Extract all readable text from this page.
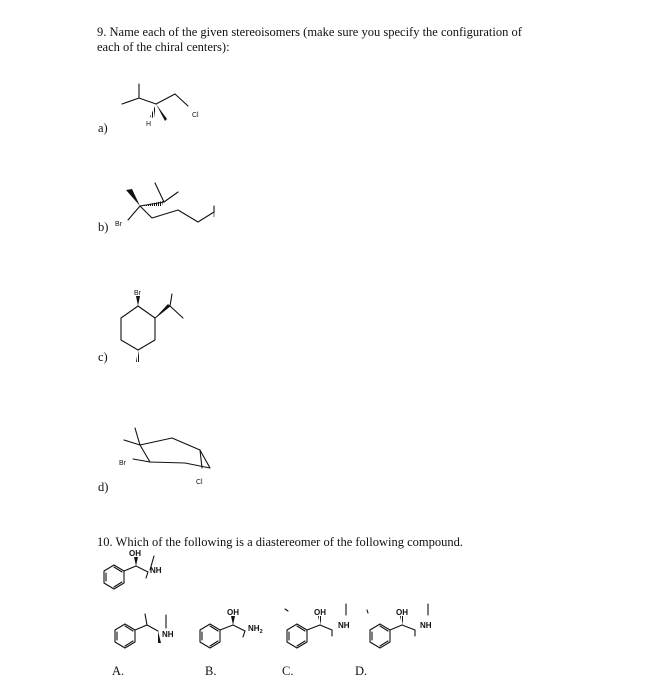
9. Name each of the given stereoisomers (make sure you specify the configuration of
each of the chiral centers):
a)
b)
c)
d)
10. Which of the following is a diastereomer of the following compound.
A.	B.	C.	D.
Cl
H
Br
I
Br
Br
Cl
OH
NH
NH
OH
$NH_2$
OH
NH
OH
NH
